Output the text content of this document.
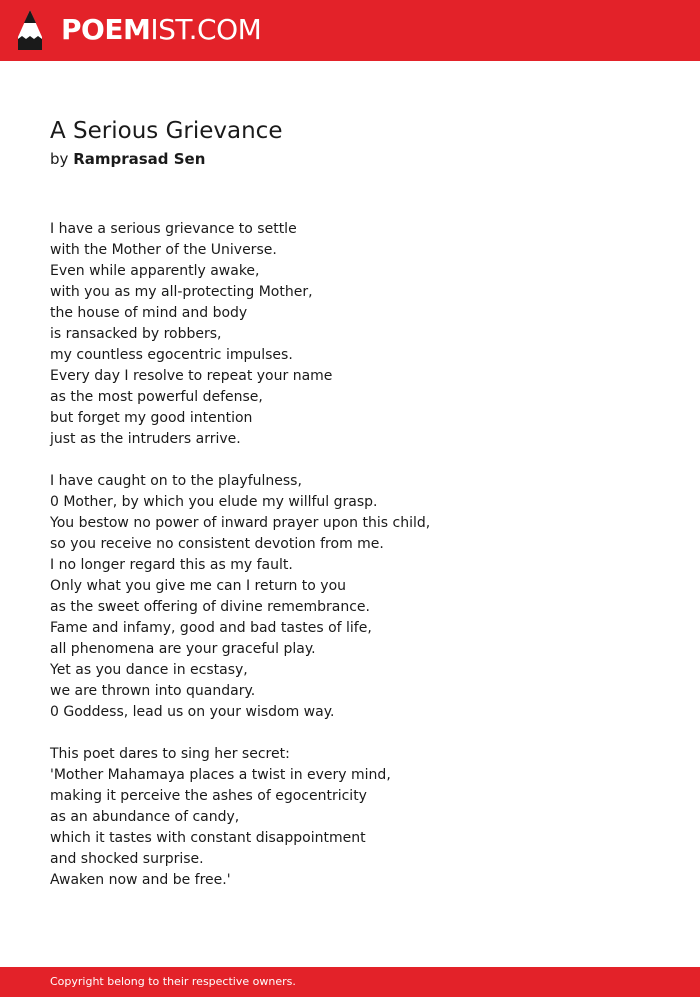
POEMIST.COM
A Serious Grievance
by Ramprasad Sen
I have a serious grievance to settle
with the Mother of the Universe.
Even while apparently awake,
with you as my all-protecting Mother,
the house of mind and body
is ransacked by robbers,
my countless egocentric impulses.
Every day I resolve to repeat your name
as the most powerful defense,
but forget my good intention
just as the intruders arrive.
I have caught on to the playfulness,
0 Mother, by which you elude my willful grasp.
You bestow no power of inward prayer upon this child,
so you receive no consistent devotion from me.
I no longer regard this as my fault.
Only what you give me can I return to you
as the sweet offering of divine remembrance.
Fame and infamy, good and bad tastes of life,
all phenomena are your graceful play.
Yet as you dance in ecstasy,
we are thrown into quandary.
0 Goddess, lead us on your wisdom way.
This poet dares to sing her secret:
'Mother Mahamaya places a twist in every mind,
making it perceive the ashes of egocentricity
as an abundance of candy,
which it tastes with constant disappointment
and shocked surprise.
Awaken now and be free.'
Copyright belong to their respective owners.
